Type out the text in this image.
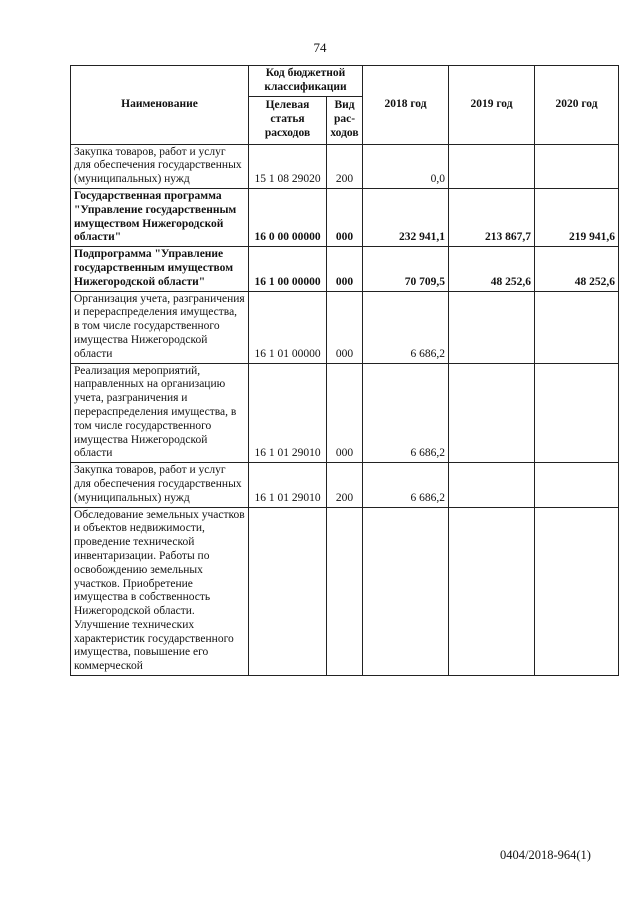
74
Наименование	Код бюджетной классификации		2018 год	2019 год	2020 год
	Целевая статья расходов	Вид рас-ходов			
Закупка товаров, работ и услуг для обеспечения государственных (муниципальных) нужд	15 1 08 29020	200	0,0		
Государственная программа "Управление государственным имуществом Нижегородской области"	16 0 00 00000	000	232 941,1	213 867,7	219 941,6
Подпрограмма "Управление государственным имуществом Нижегородской области"	16 1 00 00000	000	70 709,5	48 252,6	48 252,6
Организация учета, разграничения и перераспределения имущества, в том числе государственного имущества Нижегородской области	16 1 01 00000	000	6 686,2		
Реализация мероприятий, направленных на организацию учета, разграничения и перераспределения имущества, в том числе государственного имущества Нижегородской области	16 1 01 29010	000	6 686,2		
Закупка товаров, работ и услуг для обеспечения государственных (муниципальных) нужд	16 1 01 29010	200	6 686,2		
Обследование земельных участков и объектов недвижимости, проведение технической инвентаризации. Работы по освобождению земельных участков. Приобретение имущества в собственность Нижегородской области. Улучшение технических характеристик государственного имущества, повышение его коммерческой					
0404/2018-964(1)
